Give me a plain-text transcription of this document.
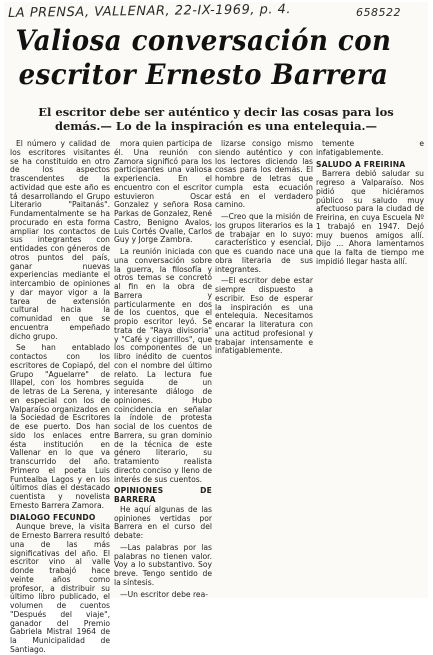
LA PRENSA, VALLENAR, 22-IX-1969, p. 4.	658522
Valiosa conversación con
escritor Ernesto Barrera
El escritor debe ser auténtico y decir las cosas para los demás.— Lo de la inspiración es una entelequia.—

El número y calidad de los escritores visitantes se ha constituido en otro de los aspectos trascendentes de la actividad que este año es tá desarrollando el Grupo Literario "Paitanás". Fundamentalmente se ha procurado en esta forma ampliar los contactos de sus integrantes con entidades con géneros de otros puntos del país, ganar nuevas experiencias mediante el intercambio de opiniones y dar mayor vigor a la tarea de extensión cultural hacia la comunidad en que se encuentra empeñado dicho grupo.

Se han entablado contactos con los escritores de Copiapó, del Grupo "Aguelarre" de Illapel, con los hombres de letras de La Serena, y en especial con los de Valparaíso organizados en la Sociedad de Escritores de ese puerto. Dos han sido los enlaces entre ésta institución en Vallenar en lo que va transcurrido del año. Primero el poeta Luis Funtealba Lagos y en los últimos días el destacado cuentista y novelista Ernesto Barrera Zamora.

DIALOGO FECUNDO

Aunque breve, la visita de Ernesto Barrera resultó una de las más significativas del año. El escritor vino al valle donde trabajó hace veinte años como profesor, a distribuir su último libro publicado, el volumen de cuentos "Después del viaje", ganador del Premio Gabriela Mistral 1964 de la Municipalidad de Santiago.

mora quien participa de él. Una reunión con Zamora significó para los participantes una valiosa experiencia. En el encuentro con el escritor estuvieron Oscar Gonzalez y señora Rosa Parkas de Gonzalez, René Castro, Benigno Avalos, Luis Cortés Ovalle, Carlos Guy y Jorge Zambra.

La reunión iniciada con una conversación sobre la guerra, la filosofía y otros temas se concretó al fin en la obra de Barrera y particularmente en dos de los cuentos, que el propio escritor leyó. Se trata de "Raya divisoria" y "Café y cigarrillos", que los componentes de un libro inédito de cuentos con el nombre del último relato. La lectura fue seguida de un interesante diálogo de opiniones. Hubo coincidencia en señalar la índole de protesta social de los cuentos de Barrera, su gran dominio de la técnica de este género literario, su tratamiento realista directo conciso y lleno de interés de sus cuentos.

OPINIONES DE BARRERA

He aquí algunas de las opiniones vertidas por Barrera en el curso del debate:

—Las palabras por las palabras no tienen valor. Voy a lo substantivo. Soy breve. Tengo sentido de la síntesis.

—Un escritor debe rea-

lizarse consigo mismo siendo auténtico y con los lectores diciendo las cosas para los demás. El hombre de letras que cumpla esta ecuación está en el verdadero camino.

—Creo que la misión de los grupos literarios es la de trabajar en lo suyo: característico y esencial, que es cuando nace una obra literaria de sus integrantes.

—El escritor debe estar siempre dispuesto a escribir. Eso de esperar la inspiración es una entelequia. Necesitamos encarar la literatura con una actitud profesional y trabajar intensamente e infatigablemente.

temente e infatigablemente.

SALUDO A FREIRINA

Barrera debió saludar su regreso a Valparaíso. Nos pidió que hiciéramos público su saludo muy afectuoso para la ciudad de Freirina, en cuya Escuela Nº 1 trabajó en 1947. Dejó muy buenos amigos allí. Dijo ... Ahora lamentamos que la falta de tiempo me impidió llegar hasta allí.
